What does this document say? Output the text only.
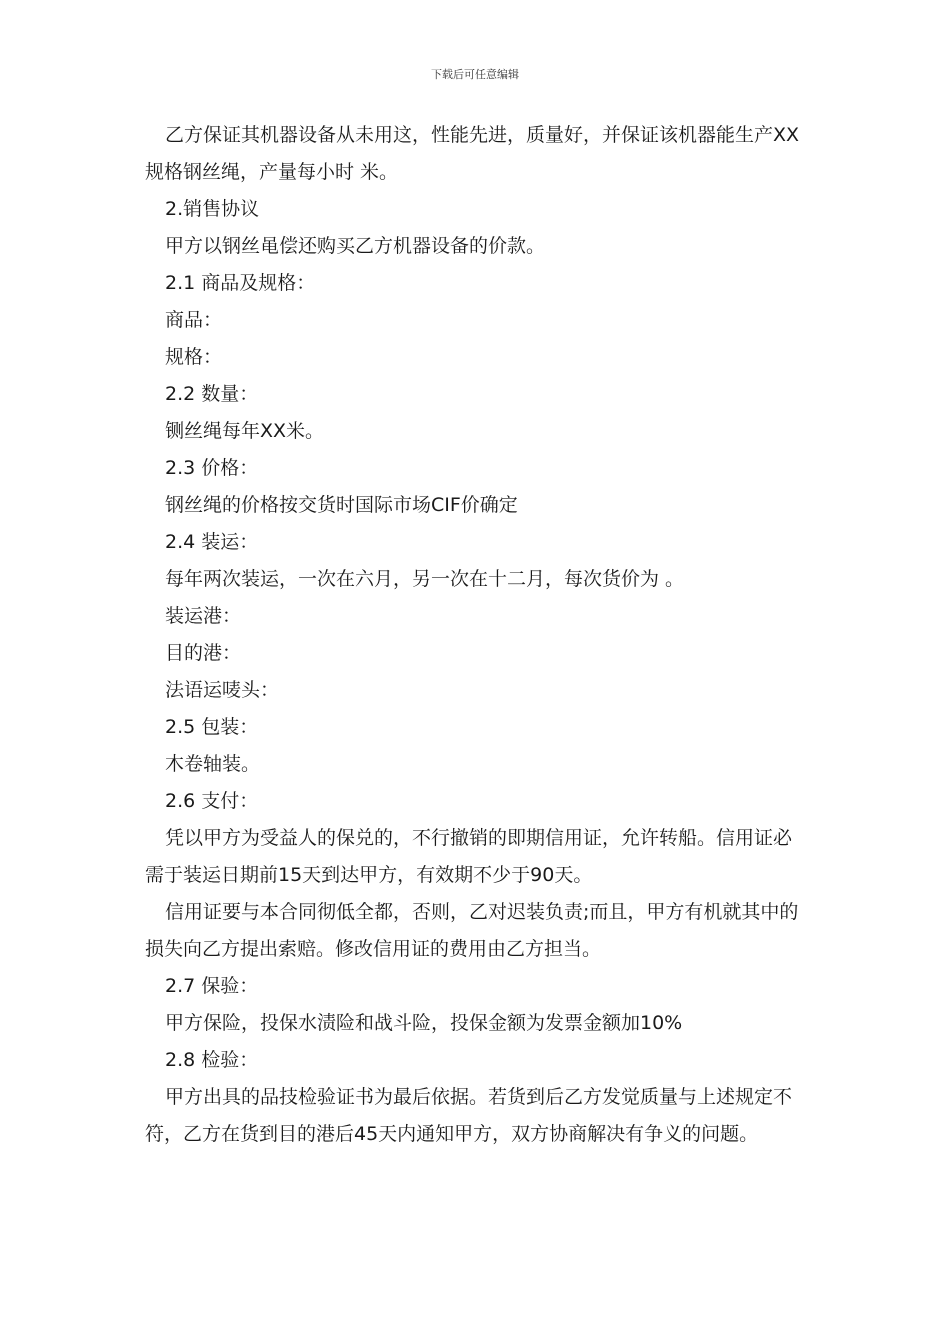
下载后可任意编辑

乙方保证其机器设备从未用这，性能先进，质量好，并保证该机器能生产XX规格钢丝绳，产量每小时 米。

2.销售协议

甲方以钢丝黾偿还购买乙方机器设备的价款。

2.1 商品及规格：

商品：

规格：

2.2 数量：

铡丝绳每年XX米。

2.3 价格：

钢丝绳的价格按交货时国际市场CIF价确定

2.4 装运：

每年两次装运，一次在六月，另一次在十二月，每次货价为 。

装运港：

目的港：

法语运唛头：

2.5 包装：

木卷轴装。

2.6 支付：

凭以甲方为受益人的保兑的，不行撤销的即期信用证，允许转船。信用证必需于装运日期前15天到达甲方，有效期不少于90天。

信用证要与本合同彻低全都，否则，乙对迟装负责;而且，甲方有机就其中的损失向乙方提出索赔。修改信用证的费用由乙方担当。

2.7 保验：

甲方保险，投保水渍险和战斗险，投保金额为发票金额加10%

2.8 检验：

甲方出具的品技检验证书为最后依据。若货到后乙方发觉质量与上述规定不符，乙方在货到目的港后45天内通知甲方，双方协商解决有争义的问题。
